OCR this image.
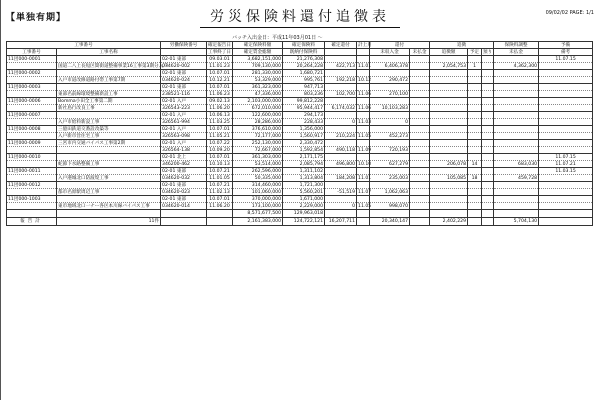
【単独有期】	労災保険料還付追徴表	09/02/02 PAGE: 1/1
バッチ入出金日：平成11年03月01日 ～
工事番号		労働保険番号	確定報告日	確定保険料額	確定保険料	確定還付	計上月	還付		追徴			保険料調整	予備
工事番号	工事名称		工事終了日	確定賃金総額	既納付保険料			未収入金	未払金	追徴額	予定	預り	未払金	備考
11団000-0001		02-01 東部	09.03.01	3,682,151,000	21,276,308									11.07.15
	国道二八上長短区間街道整備事業16工事第3期分入戸	034620-002	11.01.23	709,130,000	20,264,228	422,713	11.01	6,406,378		2,054,753	1		4,362,300	
11団000-0002		02-01 東部	10.07.01	281,330,000	1,680,721									
	入戸市道改修道路付帯工事第7期	034620-024	10.12.21	53,329,000	995,761	192,218	10.12	290,472						
11団000-0003		02-01 東部	10.07.01	361,323,000	947,713									
	東部名前線環境整備新設工事	238521-116	11.06.23	47,336,000	803,236	102,700	11.06	270,100						
11団000-0006	Bomma小田全工事第二期	02-01 入戸	09.02.13	2,103,000,000	99,812,228									
	新社島行改良工事	326543-223	11.06.20	672,010,000	95,944,417	6,174,032	11.06	10,103,283						
11団000-0007		02-01 入戸	10.06.13	122,600,000	294,173									
	入戸市給料新設工事	326561-994	11.03.25	28,286,000	228,433	0	11.03	0						
11団000-0008	三億田鉄道交番設改築等	02-01 入戸	10.07.01	376,610,000	1,356,000									
	入戸新市営住宅工事	326563-098	11.05.21	72,177,000	1,560,917	210,224	11.05	452,273						
11団000-0009	三宮市内交通バイパス工事第2期	02-01 入戸	10.07.22	252,130,000	2,330,472									
		326564-138	10.09.20	72,667,000	1,592,854	490,118	11.09	720,193						
11団000-0010		02-01 北上	10.07.01	361,303,000	2,171,175									11.07.15
	蛇節下水路整備工事	346200-462	10.10.13	53,514,000	2,085,794	496,800	10.10	627,279		206,078	14		683,030	11.07.21
11団000-0011		02-01 東部	10.07.21	262,596,000	1,311,102									11.03.15
	入戸港城北口防波堤工事	034620-032	11.01.05	50,335,000	1,313,804	184,208	11.01	235,003		105,085	18		459,728	
11団000-0012		02-01 東部	10.07.21	314,460,000	1,721,300									
	都市名原駅周辺工事	034620-023	11.02.13	101,060,000	5,560,201	-51,519	11.07	1,062,063						
11団000-1003		02-01 東部	10.07.01	370,000,000	1,671,000									
	東市地域北口一ナー各区本川線バイパス工事	034620-014	11.06.20	173,100,000	2,229,000	0	11.05	998,070						
				8,571,677,500	129,963,018									
報告計	11件			2,161,383,000	124,722,121	16,207,711		20,340,147		2,402,229			5,704,130	
